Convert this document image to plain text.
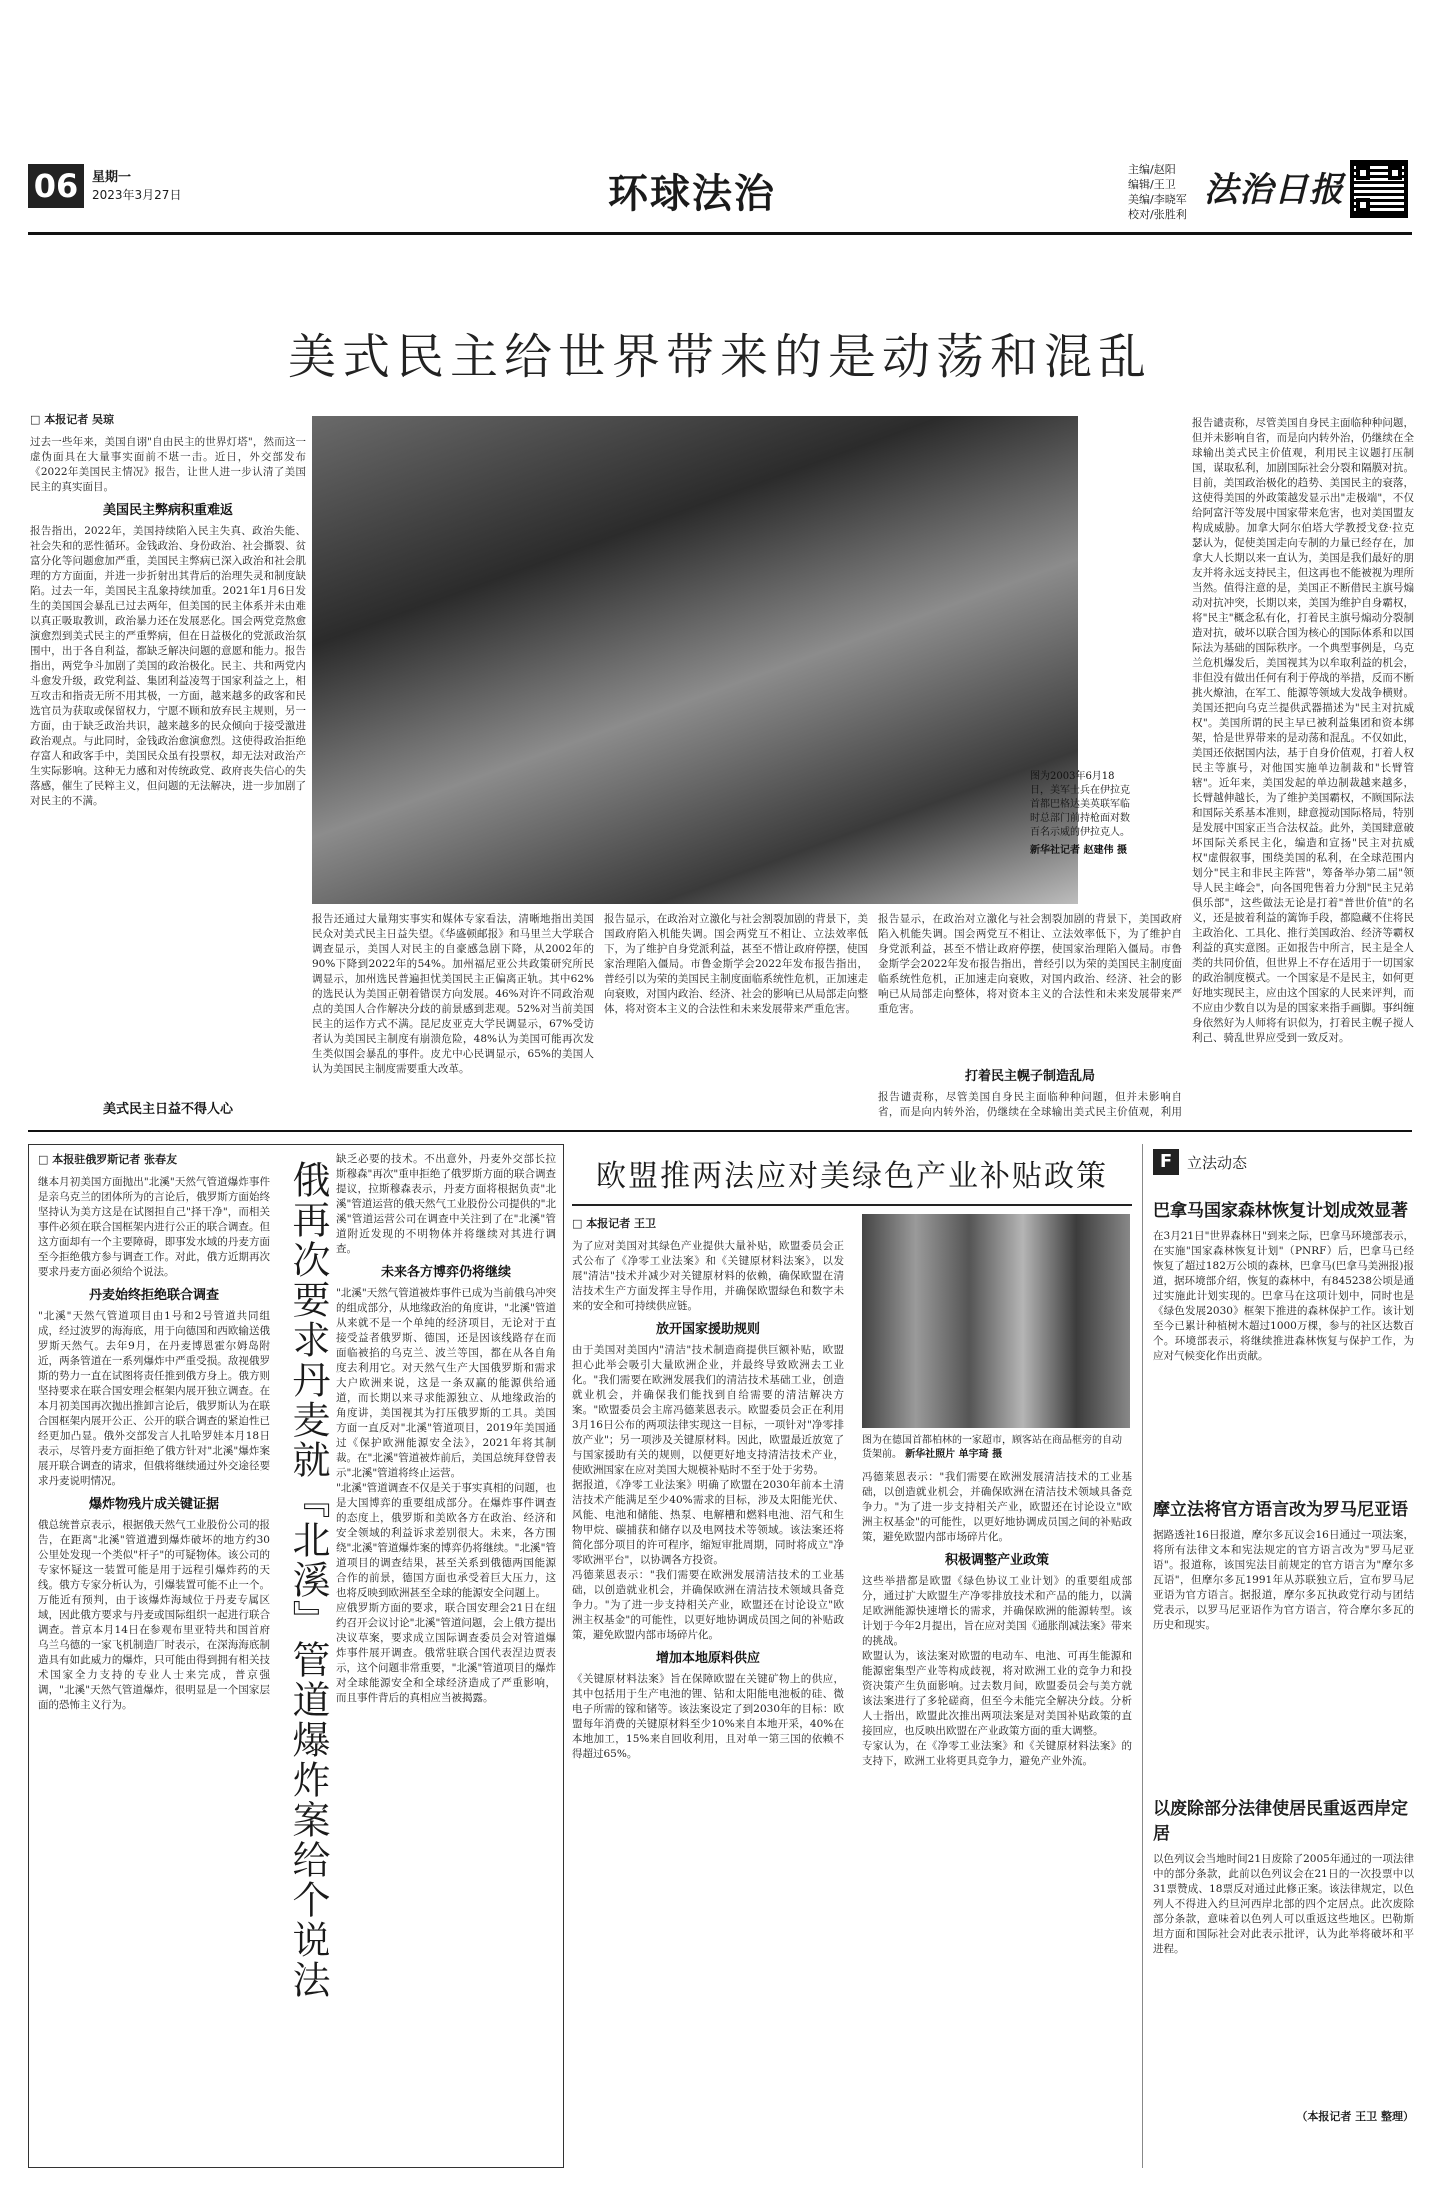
06	星期一
2023年3月27日	环球法治
主编/赵阳
编辑/王卫
美编/李晓军
校对/张胜利
法治日报
美式民主给世界带来的是动荡和混乱
□ 本报记者 吴琼

过去一些年来，美国自诩"自由民主的世界灯塔"，然而这一虚伪面具在大量事实面前不堪一击。近日，外交部发布《2022年美国民主情况》报告，让世人进一步认清了美国民主的真实面目。

美国民主弊病积重难返

报告指出，2022年，美国持续陷入民主失真、政治失能、社会失和的恶性循环。金钱政治、身份政治、社会撕裂、贫富分化等问题愈加严重，美国民主弊病已深入政治和社会肌理的方方面面，并进一步折射出其背后的治理失灵和制度缺陷。过去一年，美国民主乱象持续加重。2021年1月6日发生的美国国会暴乱已过去两年，但美国的民主体系并未由难以真正吸取教训，政治暴力还在发展恶化。国会两党竞熬愈演愈烈到美式民主的严重弊病，但在日益极化的党派政治氛围中，出于各自利益，都缺乏解决问题的意愿和能力。报告指出，两党争斗加剧了美国的政治极化。民主、共和两党内斗愈发升级，政党利益、集团利益凌驾于国家利益之上，相互攻击和指责无所不用其极，一方面，越来越多的政客和民选官员为获取或保留权力，宁愿不顾和放弃民主规则，另一方面，由于缺乏政治共识，越来越多的民众倾向于接受激进政治观点。与此同时，金钱政治愈演愈烈。这使得政治拒绝存富人和政客手中，美国民众虽有投票权，却无法对政治产生实际影响。这种无力感和对传统政党、政府丧失信心的失落感，催生了民粹主义，但问题的无法解决，进一步加剧了对民主的不满。

美式民主日益不得人心
图为2003年6月18日，美军士兵在伊拉克首都巴格达美英联军临时总部门前持枪面对数百名示威的伊拉克人。
新华社记者 赵建伟 摄

报告谴责称，尽管美国自身民主面临种种问题，但并未影响自省，而是向内转外治，仍继续在全球输出美式民主价值观，利用民主议题打压制国，谋取私利，加剧国际社会分裂和隔膜对抗。目前，美国政治极化的趋势、美国民主的衰落，这使得美国的外政策越发显示出"走极端"，不仅给阿富汗等发展中国家带来危害，也对美国盟友构成威胁。加拿大阿尔伯塔大学教授戈登·拉克瑟认为，促使美国走向专制的力量已经存在，加拿大人长期以来一直认为，美国是我们最好的朋友并将永远支持民主，但这再也不能被视为理所当然。值得注意的是，美国正不断借民主旗号煽动对抗冲突，长期以来，美国为维护自身霸权，将"民主"概念私有化，打着民主旗号煽动分裂制造对抗，破坏以联合国为核心的国际体系和以国际法为基础的国际秩序。一个典型事例是，乌克兰危机爆发后，美国视其为以牟取利益的机会，非但没有做出任何有利于停战的举措，反而不断挑火燎油，在军工、能源等领域大发战争横财。美国还把向乌克兰提供武器描述为"民主对抗威权"。美国所谓的民主早已被利益集团和资本绑架，恰是世界带来的是动荡和混乱。不仅如此，美国还依据国内法，基于自身价值观，打着人权民主等旗号，对他国实施单边制裁和"长臂管辖"。近年来，美国发起的单边制裁越来越多，长臂越伸越长，为了维护美国霸权，不顾国际法和国际关系基本准则，肆意搅动国际格局，特别是发展中国家正当合法权益。此外，美国肆意破坏国际关系民主化，编造和宣扬"民主对抗威权"虚假叙事，围绕美国的私利，在全球范围内划分"民主和非民主阵营"，筹备举办第二届"领导人民主峰会"，向各国兜售着力分割"民主兄弟俱乐部"，这些做法无论是打着"普世价值"的名义，还是披着利益的篱饰手段，都隐藏不住将民主政治化、工具化、推行美国政治、经济等霸权利益的真实意图。正如报告中所言，民主是全人类的共同价值，但世界上不存在适用于一切国家的政治制度模式。一个国家是不是民主，如何更好地实现民主，应由这个国家的人民来评判，而不应由少数自以为是的国家来指手画脚。事纠缠身依然好为人师将有识似为，打着民主幌子搅人利己、骑乱世界应受到一致反对。

报告还通过大量翔实事实和媒体专家看法，清晰地指出美国民众对美式民主日益失望。《华盛顿邮报》和马里兰大学联合调查显示，美国人对民主的自豪感急剧下降，从2002年的90%下降到2022年的54%。加州福尼亚公共政策研究所民调显示，加州选民普遍担忧美国民主正偏离正轨。其中62%的选民认为美国正朝着错误方向发展。46%对许不同政治观点的美国人合作解决分歧的前景感到悲观。52%对当前美国民主的运作方式不满。昆尼皮亚克大学民调显示，67%受访者认为美国民主制度有崩溃危险，48%认为美国可能再次发生类似国会暴乱的事件。皮尤中心民调显示，65%的美国人认为美国民主制度需要重大改革。

报告显示，在政治对立激化与社会割裂加剧的背景下，美国政府陷入机能失调。国会两党互不相让、立法效率低下，为了维护自身党派利益，甚至不惜让政府停摆，使国家治理陷入僵局。市鲁金斯学会2022年发布报告指出，普经引以为荣的美国民主制度面临系统性危机，正加速走向衰败，对国内政治、经济、社会的影响已从局部走向整体，将对资本主义的合法性和未来发展带来严重危害。

报告显示，在政治对立激化与社会割裂加剧的背景下，美国政府陷入机能失调。国会两党互不相让、立法效率低下，为了维护自身党派利益，甚至不惜让政府停摆，使国家治理陷入僵局。市鲁金斯学会2022年发布报告指出，普经引以为荣的美国民主制度面临系统性危机，正加速走向衰败，对国内政治、经济、社会的影响已从局部走向整体，将对资本主义的合法性和未来发展带来严重危害。

打着民主幌子制造乱局

报告谴责称，尽管美国自身民主面临种种问题，但并未影响自省，而是向内转外治，仍继续在全球输出美式民主价值观，利用

□ 本报驻俄罗斯记者 张春友

继本月初美国方面抛出"北溪"天然气管道爆炸事件是亲乌克兰的团体所为的言论后，俄罗斯方面始终坚持认为美方这是在试图担自己"择干净"，而相关事件必须在联合国框架内进行公正的联合调查。但这方面却有一个主要障碍，即事发水域的丹麦方面至今拒绝俄方参与调查工作。对此，俄方近期再次要求丹麦方面必须给个说法。

丹麦始终拒绝联合调查

"北溪"天然气管道项目由1号和2号管道共同组成，经过波罗的海海底，用于向德国和西欧输送俄罗斯天然气。去年9月，在丹麦博恩霍尔姆岛附近，两条管道在一系列爆炸中严重受损。敌视俄罗斯的势力一直在试图将责任推到俄方身上。俄方则坚持要求在联合国安理会框架内展开独立调查。在本月初美国再次抛出推卸言论后，俄罗斯认为在联合国框架内展开公正、公开的联合调查的紧迫性已经更加凸显。俄外交部发言人扎哈罗娃本月18日表示，尽管丹麦方面拒绝了俄方针对"北溪"爆炸案展开联合调查的请求，但俄将继续通过外交途径要求丹麦说明情况。

爆炸物残片成关键证据

俄总统普京表示，根据俄天然气工业股份公司的报告，在距离"北溪"管道遭到爆炸破坏的地方约30公里处发现一个类似"杆子"的可疑物体。该公司的专家怀疑这一装置可能是用于远程引爆炸药的天线。俄方专家分析认为，引爆装置可能不止一个。万能近有预判，由于该爆炸海域位于丹麦专属区域，因此俄方要求与丹麦或国际组织一起进行联合调查。普京本月14日在参观布里亚特共和国首府乌兰乌德的一家飞机制造厂时表示，在深海海底制造具有如此威力的爆炸，只可能由得到拥有相关技术国家全力支持的专业人士来完成，普京强调，"北溪"天然气管道爆炸，很明显是一个国家层面的恐怖主义行为。	俄再次要求丹麦就『北溪』管道爆炸案给个说法

缺乏必要的技术。不出意外，丹麦外交部长拉斯穆森"再次"重申拒绝了俄罗斯方面的联合调查提议，拉斯穆森表示，丹麦方面将根据负责"北溪"管道运营的俄天然气工业股份公司提供的"北溪"管道运营公司在调查中关注到了在"北溪"管道附近发现的不明物体并将继续对其进行调查。

未来各方博弈仍将继续

"北溪"天然气管道被炸事件已成为当前俄乌冲突的组成部分，从地缘政治的角度讲，"北溪"管道从来就不是一个单纯的经济项目，无论对于直接受益者俄罗斯、德国，还是因该线路存在而面临被掐的乌克兰、波兰等国，都在从各自角度去利用它。对天然气生产大国俄罗斯和需求大户欧洲来说，这是一条双赢的能源供给通道，而长期以来寻求能源独立、从地缘政治的角度讲，美国视其为打压俄罗斯的工具。美国方面一直反对"北溪"管道项目，2019年美国通过《保护欧洲能源安全法》，2021年将其制裁。在"北溪"管道被炸前后，美国总统拜登曾表示"北溪"管道将终止运营。

"北溪"管道调查不仅是关于事实真相的问题，也是大国博弈的重要组成部分。在爆炸事件调查的态度上，俄罗斯和美欧各方在政治、经济和安全领域的利益诉求差别很大。未来，各方围绕"北溪"管道爆炸案的博弈仍将继续。"北溪"管道项目的调查结果，甚至关系到俄德两国能源合作的前景，德国方面也承受着巨大压力，这也将反映到欧洲甚至全球的能源安全问题上。

应俄罗斯方面的要求，联合国安理会21日在纽约召开会议讨论"北溪"管道问题，会上俄方提出决议草案，要求成立国际调查委员会对管道爆炸事件展开调查。俄常驻联合国代表涅边贾表示，这个问题非常重要，"北溪"管道项目的爆炸对全球能源安全和全球经济造成了严重影响，而且事件背后的真相应当被揭露。

欧盟推两法应对美绿色产业补贴政策
□ 本报记者 王卫

为了应对美国对其绿色产业提供大量补贴，欧盟委员会正式公布了《净零工业法案》和《关键原材料法案》，以发展"清洁"技术并减少对关键原材料的依赖，确保欧盟在清洁技术生产方面发挥主导作用，并确保欧盟绿色和数字未来的安全和可持续供应链。

放开国家援助规则

由于美国对美国内"清洁"技术制造商提供巨额补贴，欧盟担心此举会吸引大量欧洲企业，并最终导致欧洲去工业化。"我们需要在欧洲发展我们的清洁技术基础工业，创造就业机会，并确保我们能找到自给需要的清洁解决方案。"欧盟委员会主席冯德莱恩表示。欧盟委员会正在利用3月16日公布的两项法律实现这一目标，一项针对"净零排放产业"；另一项涉及关键原材料。因此，欧盟最近放宽了与国家援助有关的规则，以便更好地支持清洁技术产业，使欧洲国家在应对美国大规模补贴时不至于处于劣势。

据报道，《净零工业法案》明确了欧盟在2030年前本土清洁技术产能满足至少40%需求的目标，涉及太阳能光伏、风能、电池和储能、热泵、电解槽和燃料电池、沼气和生物甲烷、碳捕获和储存以及电网技术等领域。该法案还将简化部分项目的许可程序，缩短审批周期，同时将成立"净零欧洲平台"，以协调各方投资。

冯德莱恩表示："我们需要在欧洲发展清洁技术的工业基础，以创造就业机会，并确保欧洲在清洁技术领域具备竞争力。"为了进一步支持相关产业，欧盟还在讨论设立"欧洲主权基金"的可能性，以更好地协调成员国之间的补贴政策，避免欧盟内部市场碎片化。

增加本地原料供应

《关键原材料法案》旨在保障欧盟在关键矿物上的供应，其中包括用于生产电池的锂、钴和太阳能电池板的硅、微电子所需的镓和锗等。该法案设定了到2030年的目标：欧盟每年消费的关键原材料至少10%来自本地开采，40%在本地加工，15%来自回收利用，且对单一第三国的依赖不得超过65%。

图为在德国首都柏林的一家超市，顾客站在商品框旁的自动货架前。 新华社照片 单宇琦 摄

冯德莱恩表示："我们需要在欧洲发展清洁技术的工业基础，以创造就业机会，并确保欧洲在清洁技术领域具备竞争力。"为了进一步支持相关产业，欧盟还在讨论设立"欧洲主权基金"的可能性，以更好地协调成员国之间的补贴政策，避免欧盟内部市场碎片化。

积极调整产业政策

这些举措都是欧盟《绿色协议工业计划》的重要组成部分，通过扩大欧盟生产净零排放技术和产品的能力，以满足欧洲能源快速增长的需求，并确保欧洲的能源转型。该计划于今年2月提出，旨在应对美国《通胀削减法案》带来的挑战。

欧盟认为，该法案对欧盟的电动车、电池、可再生能源和能源密集型产业等构成歧视，将对欧洲工业的竞争力和投资决策产生负面影响。过去数月间，欧盟委员会与美方就该法案进行了多轮磋商，但至今未能完全解决分歧。分析人士指出，欧盟此次推出两项法案是对美国补贴政策的直接回应，也反映出欧盟在产业政策方面的重大调整。

专家认为，在《净零工业法案》和《关键原材料法案》的支持下，欧洲工业将更具竞争力，避免产业外流。

F 立法动态
巴拿马国家森林恢复计划成效显著

在3月21日"世界森林日"到来之际，巴拿马环境部表示，在实施"国家森林恢复计划"（PNRF）后，巴拿马已经恢复了超过182万公顷的森林，巴拿马(巴拿马美洲报)报道，据环境部介绍，恢复的森林中，有845238公顷是通过实施此计划实现的。巴拿马在这项计划中，同时也是《绿色发展2030》框架下推进的森林保护工作。该计划至今已累计种植树木超过1000万棵，参与的社区达数百个。环境部表示，将继续推进森林恢复与保护工作，为应对气候变化作出贡献。

摩立法将官方语言改为罗马尼亚语

据路透社16日报道，摩尔多瓦议会16日通过一项法案，将所有法律文本和宪法规定的官方语言改为"罗马尼亚语"。报道称，该国宪法目前规定的官方语言为"摩尔多瓦语"，但摩尔多瓦1991年从苏联独立后，宣布罗马尼亚语为官方语言。据报道，摩尔多瓦执政党行动与团结党表示，以罗马尼亚语作为官方语言，符合摩尔多瓦的历史和现实。

以废除部分法律使居民重返西岸定居

以色列议会当地时间21日废除了2005年通过的一项法律中的部分条款，此前以色列议会在21日的一次投票中以31票赞成、18票反对通过此修正案。该法律规定，以色列人不得进入约旦河西岸北部的四个定居点。此次废除部分条款，意味着以色列人可以重返这些地区。巴勒斯坦方面和国际社会对此表示批评，认为此举将破坏和平进程。

（本报记者 王卫 整理）
